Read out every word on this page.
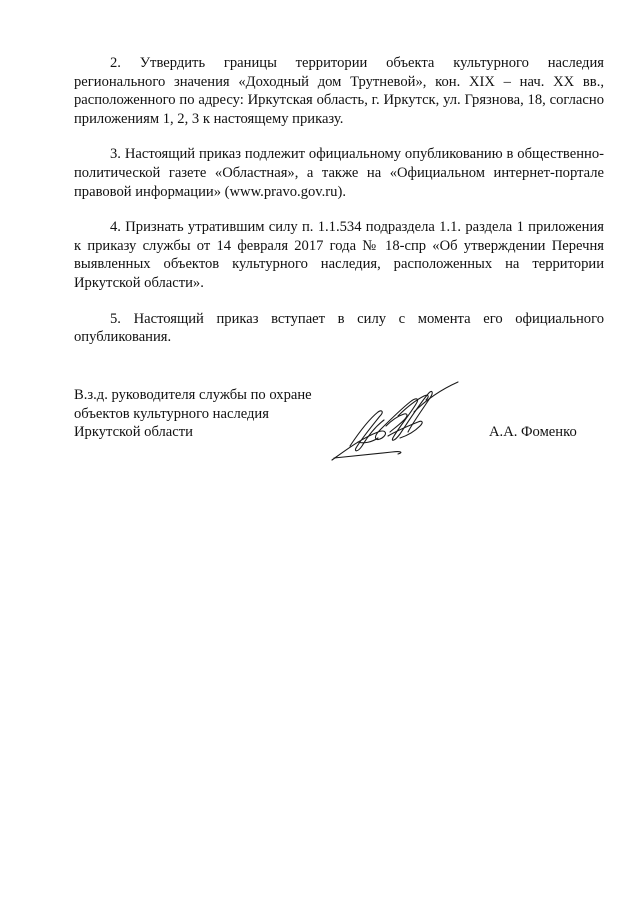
2. Утвердить границы территории объекта культурного наследия регионального значения «Доходный дом Трутневой», кон. XIX – нач. XX вв., расположенного по адресу: Иркутская область, г. Иркутск, ул. Грязнова, 18, согласно приложениям 1, 2, 3 к настоящему приказу.

3. Настоящий приказ подлежит официальному опубликованию в общественно-политической газете «Областная», а также на «Официальном интернет-портале правовой информации» (www.pravo.gov.ru).

4. Признать утратившим силу п. 1.1.534 подраздела 1.1. раздела 1 приложения к приказу службы от 14 февраля 2017 года № 18-спр «Об утверждении Перечня выявленных объектов культурного наследия, расположенных на территории Иркутской области».

5. Настоящий приказ вступает в силу с момента его официального опубликования.

В.з.д. руководителя службы по охране
объектов культурного наследия
Иркутской области	А.А. Фоменко
